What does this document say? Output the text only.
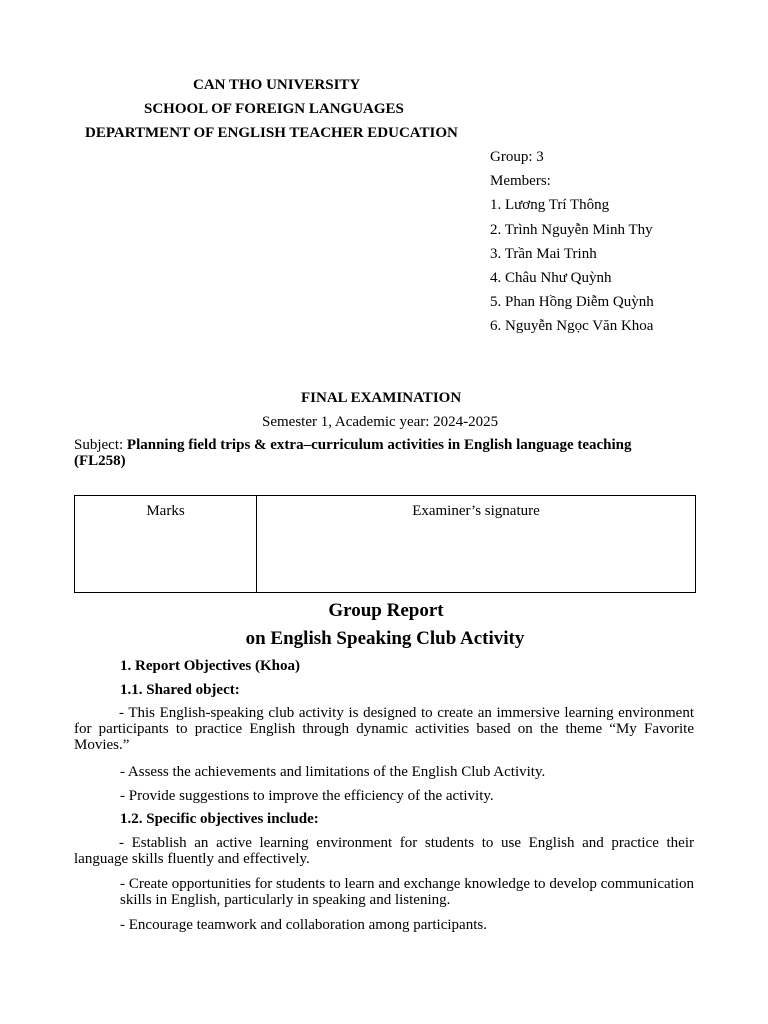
CAN THO UNIVERSITY
SCHOOL OF FOREIGN LANGUAGES
DEPARTMENT OF ENGLISH TEACHER EDUCATION
Group: 3
Members:
1. Lương Trí Thông
2. Trình Nguyễn Minh Thy
3. Trần Mai Trinh
4. Châu Như Quỳnh
5. Phan Hồng Diễm Quỳnh
6. Nguyễn Ngọc Văn Khoa
FINAL EXAMINATION
Semester 1, Academic year: 2024-2025
Subject: Planning field trips & extra–curriculum activities in English language teaching
(FL258)
Marks	Examiner’s signature
Group Report
on English Speaking Club Activity
1. Report Objectives (Khoa)
1.1. Shared object:
- This English-speaking club activity is designed to create an immersive learning environment for participants to practice English through dynamic activities based on the theme “My Favorite Movies.”
- Assess the achievements and limitations of the English Club Activity.
- Provide suggestions to improve the efficiency of the activity.
1.2. Specific objectives include:
- Establish an active learning environment for students to use English and practice their language skills fluently and effectively.
- Create opportunities for students to learn and exchange knowledge to develop communication skills in English, particularly in speaking and listening.
- Encourage teamwork and collaboration among participants.
